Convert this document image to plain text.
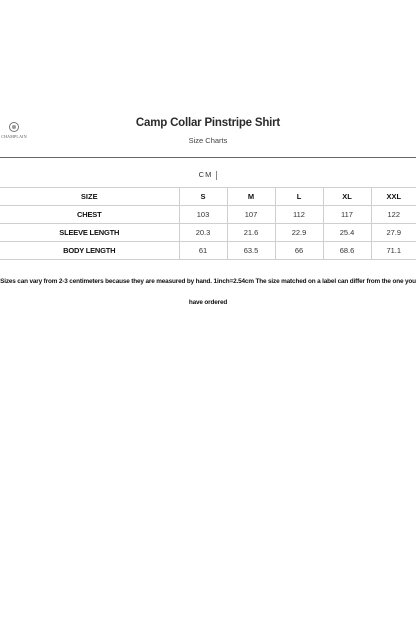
CHAMPLAIN
Camp Collar Pinstripe Shirt
Size Charts
CM
SIZE	S	M	L	XL	XXL
CHEST	103	107	112	117	122
SLEEVE LENGTH	20.3	21.6	22.9	25.4	27.9
BODY LENGTH	61	63.5	66	68.6	71.1
Sizes can vary from 2-3 centimeters because they are measured by hand. 1inch=2.54cm The size matched on a label can differ from the one you have ordered
